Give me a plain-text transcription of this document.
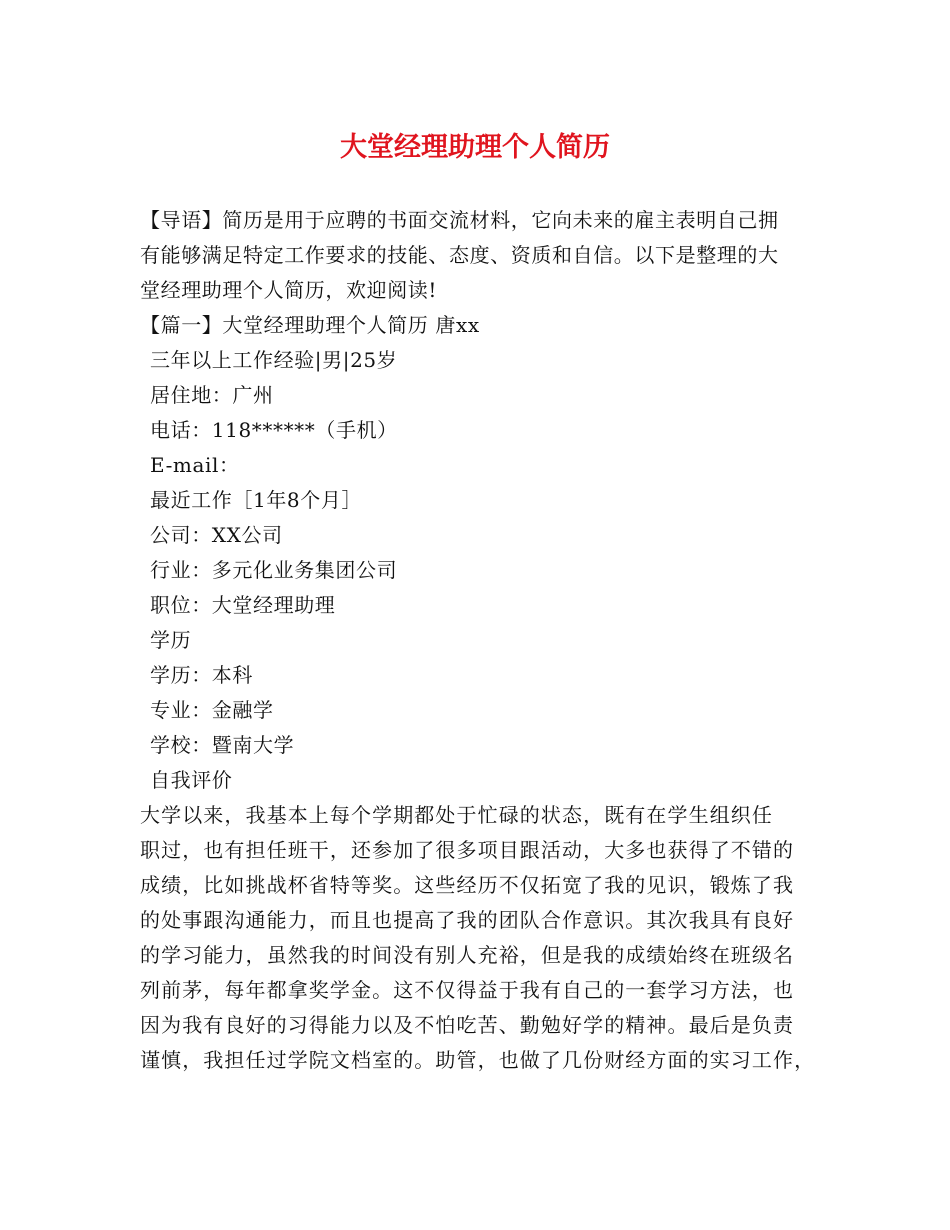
大堂经理助理个人简历
【导语】简历是用于应聘的书面交流材料，它向未来的雇主表明自己拥
有能够满足特定工作要求的技能、态度、资质和自信。以下是整理的大
堂经理助理个人简历，欢迎阅读!
【篇一】大堂经理助理个人简历 唐xx
三年以上工作经验|男|25岁
居住地：广州
电话：118******（手机）
E-mail：
最近工作［1年8个月］
公司：XX公司
行业：多元化业务集团公司
职位：大堂经理助理
学历
学历：本科
专业：金融学
学校：暨南大学
自我评价
大学以来，我基本上每个学期都处于忙碌的状态，既有在学生组织任
职过，也有担任班干，还参加了很多项目跟活动，大多也获得了不错的
成绩，比如挑战杯省特等奖。这些经历不仅拓宽了我的见识，锻炼了我
的处事跟沟通能力，而且也提高了我的团队合作意识。其次我具有良好
的学习能力，虽然我的时间没有别人充裕，但是我的成绩始终在班级名
列前茅，每年都拿奖学金。这不仅得益于我有自己的一套学习方法，也
因为我有良好的习得能力以及不怕吃苦、勤勉好学的精神。最后是负责
谨慎，我担任过学院文档室的。助管，也做了几份财经方面的实习工作，
